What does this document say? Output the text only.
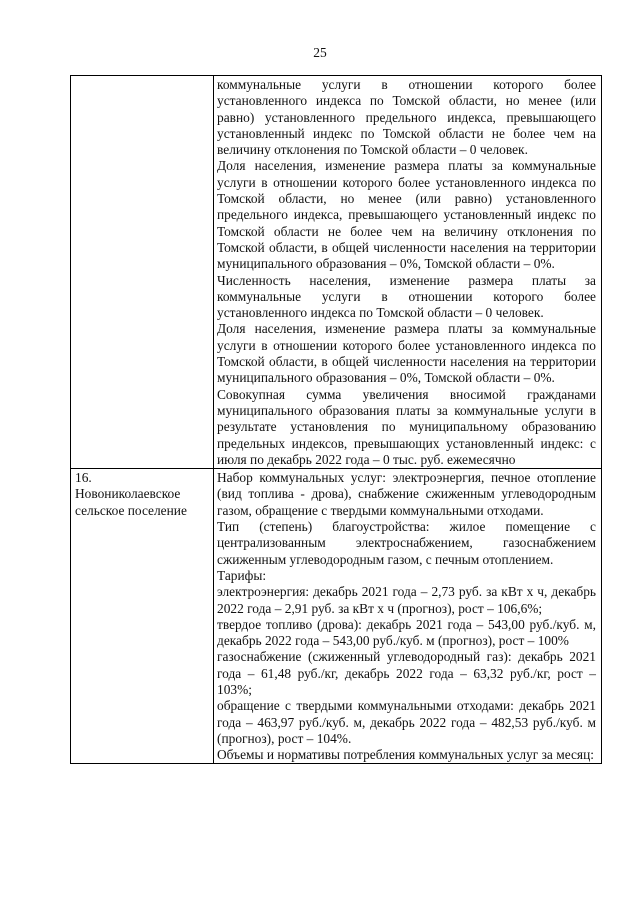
25

коммунальные услуги в отношении которого более установленного индекса по Томской области, но менее (или равно) установленного предельного индекса, превышающего установленный индекс по Томской области не более чем на величину отклонения по Томской области – 0 человек.

Доля населения, изменение размера платы за коммунальные услуги в отношении которого более установленного индекса по Томской области, но менее (или равно) установленного предельного индекса, превышающего установленный индекс по Томской области не более чем на величину отклонения по Томской области, в общей численности населения на территории муниципального образования – 0%, Томской области – 0%.

Численность населения, изменение размера платы за коммунальные услуги в отношении которого более установленного индекса по Томской области – 0 человек.

Доля населения, изменение размера платы за коммунальные услуги в отношении которого более установленного индекса по Томской области, в общей численности населения на территории муниципального образования – 0%, Томской области – 0%.

Совокупная сумма увеличения вносимой гражданами муниципального образования платы за коммунальные услуги в результате установления по муниципальному образованию предельных индексов, превышающих установленный индекс: с июля по декабрь 2022 года – 0 тыс. руб. ежемесячно

16.

Новониколаевское сельское поселение

Набор коммунальных услуг: электроэнергия, печное отопление (вид топлива - дрова), снабжение сжиженным углеводородным газом, обращение с твердыми коммунальными отходами.

Тип (степень) благоустройства: жилое помещение с централизованным электроснабжением, газоснабжением сжиженным углеводородным газом, с печным отоплением.

Тарифы:

электроэнергия: декабрь 2021 года – 2,73 руб. за кВт х ч, декабрь 2022 года – 2,91 руб. за кВт х ч (прогноз), рост – 106,6%;

твердое топливо (дрова): декабрь 2021 года – 543,00 руб./куб. м, декабрь 2022 года – 543,00 руб./куб. м (прогноз), рост – 100%

газоснабжение (сжиженный углеводородный газ): декабрь 2021 года – 61,48 руб./кг, декабрь 2022 года – 63,32 руб./кг, рост – 103%;

обращение с твердыми коммунальными отходами: декабрь 2021 года – 463,97 руб./куб. м, декабрь 2022 года – 482,53 руб./куб. м (прогноз), рост – 104%.

Объемы и нормативы потребления коммунальных услуг за месяц:
